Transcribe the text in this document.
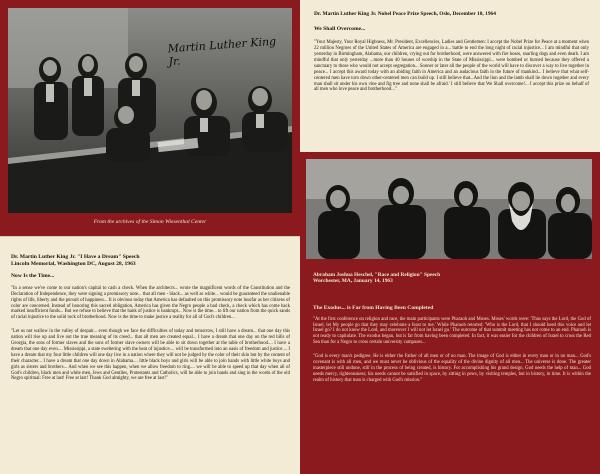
Martin Luther King Jr.
From the archives of the Simon Wiesenthal Center
Dr. Martin Luther King Jr. Nobel Peace Prize Speech, Oslo, December 10, 1964
We Shall Overcome...
"Your Majesty, Your Royal Highness, Mr. President, Excellencies, Ladies and Gentlemen: I accept the Nobel Prize for Peace at a moment when 22 million Negroes of the United States of America are engaged in a... battle to end the long night of racial injustice... I am mindful that only yesterday in Birmingham, Alabama, our children, crying out for brotherhood, were answered with fire hoses, snarling dogs and even death. I am mindful that only yesterday ...more than 40 houses of worship in the State of Mississippi... were bombed or burned because they offered a sanctuary to those who would not accept segregation... Sooner or later all the people of the world will have to discover a way to live together in peace... I accept this award today with an abiding faith in America and an audacious faith in the future of mankind... I believe that what self-centered men have torn down other-centered men can build up. I still believe that...And the lion and the lamb shall lie down together and every man shall sit under his own vine and fig tree and none shall be afraid.' I still believe that We Shall overcome!... I accept this prize on behalf of all men who love peace and brotherhood..."
Dr. Martin Luther King Jr. "I Have a Dream" Speech
Lincoln Memorial, Washington DC, August 28, 1963
Now Is the Time...
"In a sense we've come to our nation's capital to cash a check. When the architects... wrote the magnificent words of the Constitution and the Declaration of Independence, they were signing a promissory note... that all men - black... as well as white... would be guaranteed the unalienable rights of life, liberty and the pursuit of happiness... It is obvious today that America has defaulted on this promissory note insofar as her citizens of color are concerned. Instead of honoring this sacred obligation, America has given the Negro people a bad check, a check which has come back marked insufficient funds... But we refuse to believe that the bank of justice is bankrupt... Now is the time... to lift our nation from the quick sands of racial injustice to the solid rock of brotherhood. Now is the time to make justice a reality for all of God's children...
"Let us not wallow in the valley of despair... even though we face the difficulties of today and tomorrow, I still have a dream... that one day this nation will rise up and live out the true meaning of its creed... that all men are created equal... I have a dream that one day on the red hills of Georgia, the sons of former slaves and the sons of former slave owners will be able to sit down together at the table of brotherhood.... I have a dream that one day even.... Mississippi, a state sweltering with the heat of injustice.... will be transformed into an oasis of freedom and justice.... I have a dream that my four little children will one day live in a nation where they will not be judged by the color of their skin but by the content of their character... I have a dream that one day down in Alabama.... little black boys and girls will be able to join hands with little white boys and girls as sisters and brothers... And when we see this happen, when we allow freedom to ring.... we will be able to speed up that day when all of God's children, black men and white men, Jews and Gentiles, Protestants and Catholics, will be able to join hands and sing in the words of the old Negro spiritual: Free at last! Free at last! Thank God almighty, we are free at last!"
Abraham Joshua Heschel, "Race and Religion" Speech
Worchester, MA, January 14, 1963
The Exodus... is Far from Having Been Completed
"At the first conference on religion and race, the main participants were Pharaoh and Moses. Moses' words were: 'Thus says the Lord, the God of Israel, let My people go that they may celebrate a feast to me.' While Pharaoh retorted: 'Who is the Lord, that I should heed this voice and let Israel go? I do not know the Lord, and moreover I will not let Israel go.' The outcome of that summit meeting has not come to an end. Pharaoh is not ready to capitulate. The exodus began, but is far from having been completed. In fact, it was easier for the children of Israel to cross the Red Sea than for a Negro to cross certain university campuses...
"God is every man's pedigree. He is either the Father of all men or of no man. The image of God is either in every man or in no man... God's covenant is with all men, and we must never be oblivious of the equality of the divine dignity of all men... The universe is done. The greater masterpiece still undone, still in the process of being created, is history. For accomplishing his grand design, God needs the help of man... God needs mercy, righteousness; his needs cannot be satisfied in space, by sitting in pews, by visiting temples, but in history, in time. It is within the realm of history that man is charged with God's mission."
